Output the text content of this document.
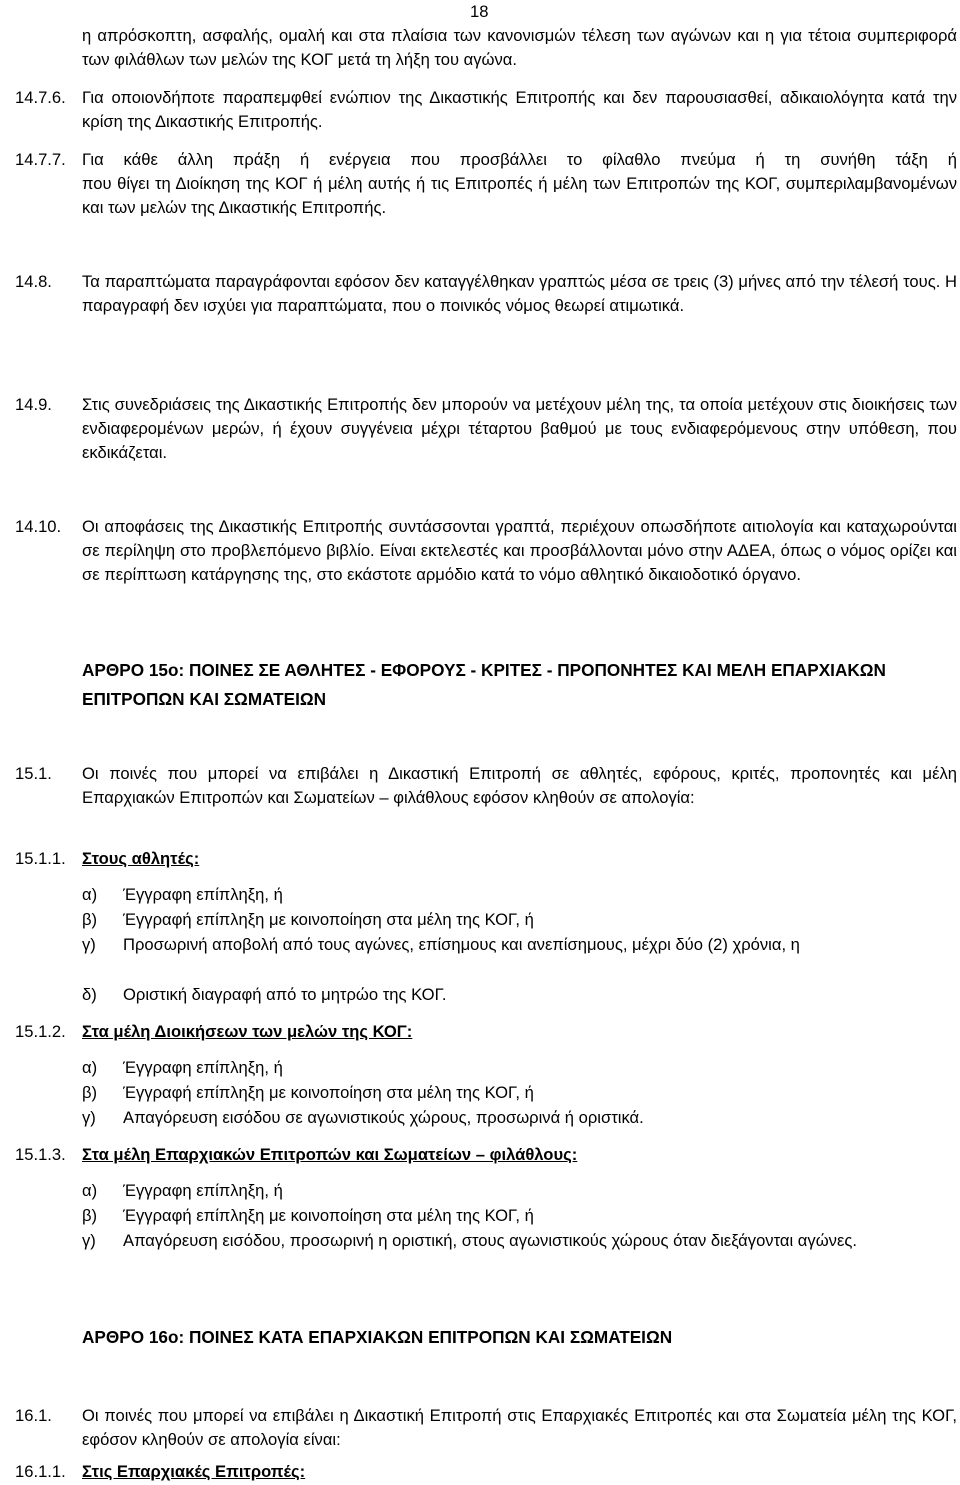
18
η απρόσκοπτη, ασφαλής, ομαλή και στα πλαίσια των κανονισμών τέλεση των αγώνων και η για τέτοια συμπεριφορά των φιλάθλων των μελών της ΚΟΓ μετά τη λήξη του αγώνα.
14.7.6. Για οποιονδήποτε παραπεμφθεί ενώπιον της Δικαστικής Επιτροπής και δεν παρουσιασθεί, αδικαιολόγητα κατά την κρίση της Δικαστικής Επιτροπής.
14.7.7. Για κάθε άλλη πράξη ή ενέργεια που προσβάλλει το φίλαθλο πνεύμα ή τη συνήθη τάξη ή
που θίγει τη Διοίκηση της ΚΟΓ ή μέλη αυτής ή τις Επιτροπές ή μέλη των Επιτροπών της ΚΟΓ, συμπεριλαμβανομένων και των μελών της Δικαστικής Επιτροπής.
14.8. Τα παραπτώματα παραγράφονται εφόσον δεν καταγγέλθηκαν γραπτώς μέσα σε τρεις (3) μήνες από την τέλεσή τους. Η παραγραφή δεν ισχύει για παραπτώματα, που ο ποινικός νόμος θεωρεί ατιμωτικά.
14.9. Στις συνεδριάσεις της Δικαστικής Επιτροπής δεν μπορούν να μετέχουν μέλη της, τα οποία μετέχουν στις διοικήσεις των ενδιαφερομένων μερών, ή έχουν συγγένεια μέχρι τέταρτου βαθμού με τους ενδιαφερόμενους στην υπόθεση, που εκδικάζεται.
14.10. Οι αποφάσεις της Δικαστικής Επιτροπής συντάσσονται γραπτά, περιέχουν οπωσδήποτε αιτιολογία και καταχωρούνται σε περίληψη στο προβλεπόμενο βιβλίο. Είναι εκτελεστές και προσβάλλονται μόνο στην ΑΔΕΑ, όπως ο νόμος ορίζει και σε περίπτωση κατάργησης της, στο εκάστοτε αρμόδιο κατά το νόμο αθλητικό δικαιοδοτικό όργανο.
ΑΡΘΡΟ 15ο: ΠΟΙΝΕΣ ΣΕ ΑΘΛΗΤΕΣ - ΕΦΟΡΟΥΣ - ΚΡΙΤΕΣ - ΠΡΟΠΟΝΗΤΕΣ ΚΑΙ ΜΕΛΗ ΕΠΑΡΧΙΑΚΩΝ ΕΠΙΤΡΟΠΩΝ ΚΑΙ ΣΩΜΑΤΕΙΩΝ
15.1. Οι ποινές που μπορεί να επιβάλει η Δικαστική Επιτροπή σε αθλητές, εφόρους, κριτές, προπονητές και μέλη Επαρχιακών Επιτροπών και Σωματείων – φιλάθλους εφόσον κληθούν σε απολογία:
15.1.1. Στους αθλητές:
α) Έγγραφη επίπληξη, ή
β) Έγγραφή επίπληξη με κοινοποίηση στα μέλη της ΚΟΓ, ή
γ) Προσωρινή αποβολή από τους αγώνες, επίσημους και ανεπίσημους, μέχρι δύο (2) χρόνια, η
δ) Οριστική διαγραφή από το μητρώο της ΚΟΓ.
15.1.2. Στα μέλη Διοικήσεων των μελών της ΚΟΓ:
α) Έγγραφη επίπληξη, ή
β) Έγγραφή επίπληξη με κοινοποίηση στα μέλη της ΚΟΓ, ή
γ) Απαγόρευση εισόδου σε αγωνιστικούς χώρους, προσωρινά ή οριστικά.
15.1.3. Στα μέλη Επαρχιακών Επιτροπών και Σωματείων – φιλάθλους:
α) Έγγραφη επίπληξη, ή
β) Έγγραφή επίπληξη με κοινοποίηση στα μέλη της ΚΟΓ, ή
γ) Απαγόρευση εισόδου, προσωρινή η οριστική, στους αγωνιστικούς χώρους όταν διεξάγονται αγώνες.
ΑΡΘΡΟ 16ο: ΠΟΙΝΕΣ ΚΑΤΑ ΕΠΑΡΧΙΑΚΩΝ ΕΠΙΤΡΟΠΩΝ ΚΑΙ ΣΩΜΑΤΕΙΩΝ
16.1. Οι ποινές που μπορεί να επιβάλει η Δικαστική Επιτροπή στις Επαρχιακές Επιτροπές και στα Σωματεία μέλη της ΚΟΓ, εφόσον κληθούν σε απολογία είναι:
16.1.1. Στις Επαρχιακές Επιτροπές:
